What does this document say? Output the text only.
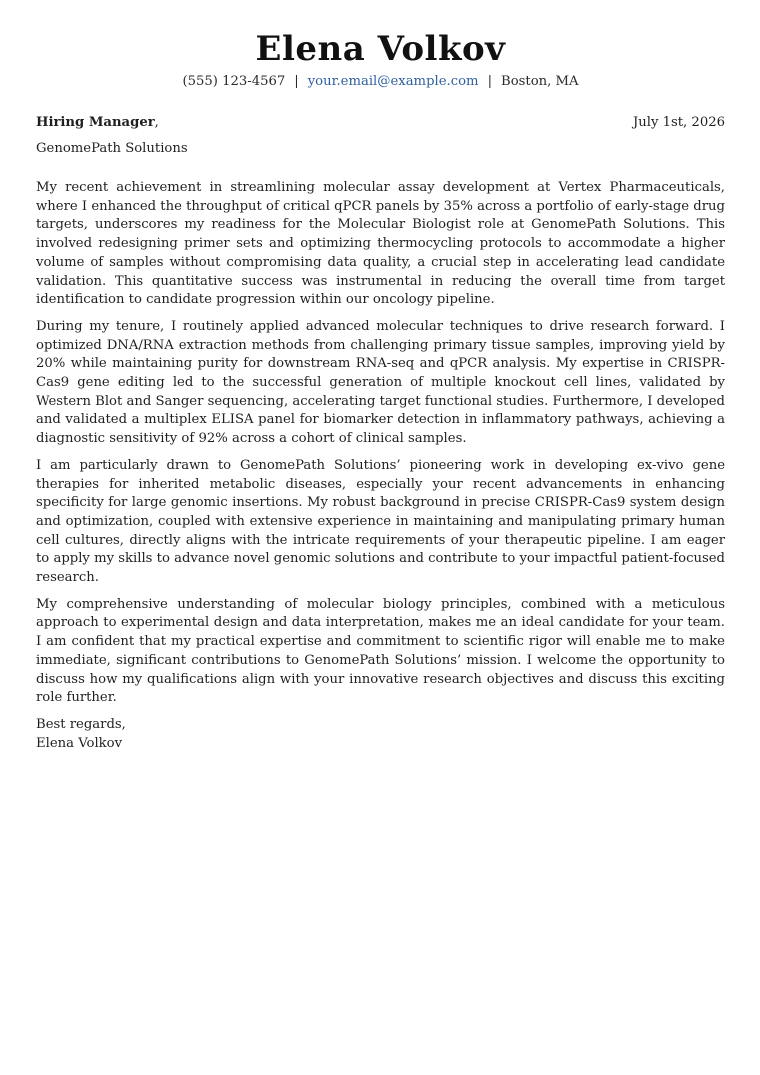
Elena Volkov
(555) 123-4567 | your.email@example.com | Boston, MA
Hiring Manager,	July 1st, 2026
GenomePath Solutions

My recent achievement in streamlining molecular assay development at Vertex Pharmaceuticals, where I enhanced the throughput of critical qPCR panels by 35% across a portfolio of early-stage drug targets, underscores my readiness for the Molecular Biologist role at GenomePath Solutions. This involved redesigning primer sets and optimizing thermocycling protocols to accommodate a higher volume of samples without compromising data quality, a crucial step in accelerating lead candidate validation. This quantitative success was instrumental in reducing the overall time from target identification to candidate progression within our oncology pipeline.

During my tenure, I routinely applied advanced molecular techniques to drive research forward. I optimized DNA/​RNA extraction methods from challenging primary tissue samples, improving yield by 20% while maintaining purity for downstream RNA-seq and qPCR analysis. My expertise in CRISPR-Cas9 gene editing led to the successful generation of multiple knockout cell lines, validated by Western Blot and Sanger sequencing, accelerating target functional studies. Furthermore, I developed and validated a multiplex ELISA panel for biomarker detection in inflammatory pathways, achieving a diagnostic sensitivity of 92% across a cohort of clinical samples.

I am particularly drawn to GenomePath Solutions’ pioneering work in developing ex-vivo gene therapies for inherited metabolic diseases, especially your recent advancements in enhancing specificity for large genomic insertions. My robust background in precise CRISPR-Cas9 system design and optimization, coupled with extensive experience in maintaining and manipulating primary human cell cultures, directly aligns with the intricate requirements of your therapeutic pipeline. I am eager to apply my skills to advance novel genomic solutions and contribute to your impactful patient-focused research.

My comprehensive understanding of molecular biology principles, combined with a meticulous approach to experimental design and data interpretation, makes me an ideal candidate for your team. I am confident that my practical expertise and commitment to scientific rigor will enable me to make immediate, significant contributions to GenomePath Solutions’ mission. I welcome the opportunity to discuss how my qualifications align with your innovative research objectives and discuss this exciting role further.

Best regards,
Elena Volkov
